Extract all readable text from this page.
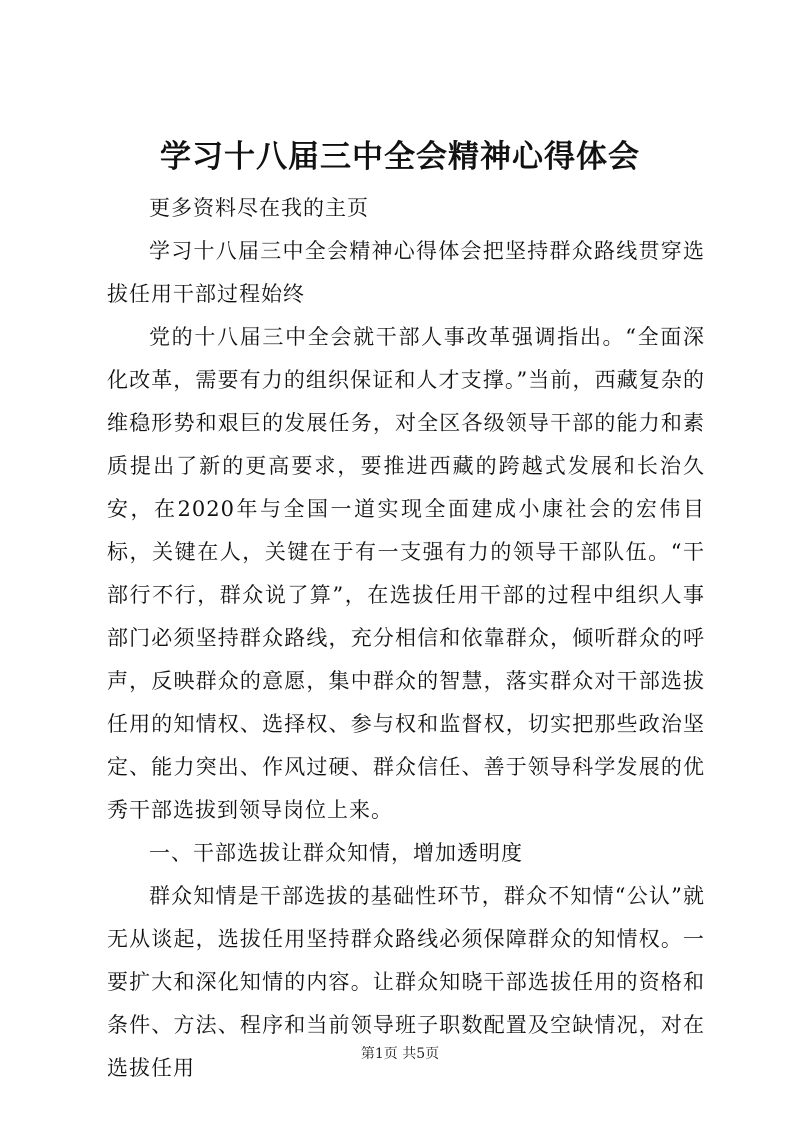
学习十八届三中全会精神心得体会

更多资料尽在我的主页

学习十八届三中全会精神心得体会把坚持群众路线贯穿选拔任用干部过程始终

党的十八届三中全会就干部人事改革强调指出。“全面深化改革，需要有力的组织保证和人才支撑。”当前，西藏复杂的维稳形势和艰巨的发展任务，对全区各级领导干部的能力和素质提出了新的更高要求，要推进西藏的跨越式发展和长治久安，在2020年与全国一道实现全面建成小康社会的宏伟目标，关键在人，关键在于有一支强有力的领导干部队伍。“干部行不行，群众说了算”，在选拔任用干部的过程中组织人事部门必须坚持群众路线，充分相信和依靠群众，倾听群众的呼声，反映群众的意愿，集中群众的智慧，落实群众对干部选拔任用的知情权、选择权、参与权和监督权，切实把那些政治坚定、能力突出、作风过硬、群众信任、善于领导科学发展的优秀干部选拔到领导岗位上来。

一、干部选拔让群众知情，增加透明度

群众知情是干部选拔的基础性环节，群众不知情“公认”就无从谈起，选拔任用坚持群众路线必须保障群众的知情权。一要扩大和深化知情的内容。让群众知晓干部选拔任用的资格和条件、方法、程序和当前领导班子职数配置及空缺情况，对在选拔任用

第1页 共5页
